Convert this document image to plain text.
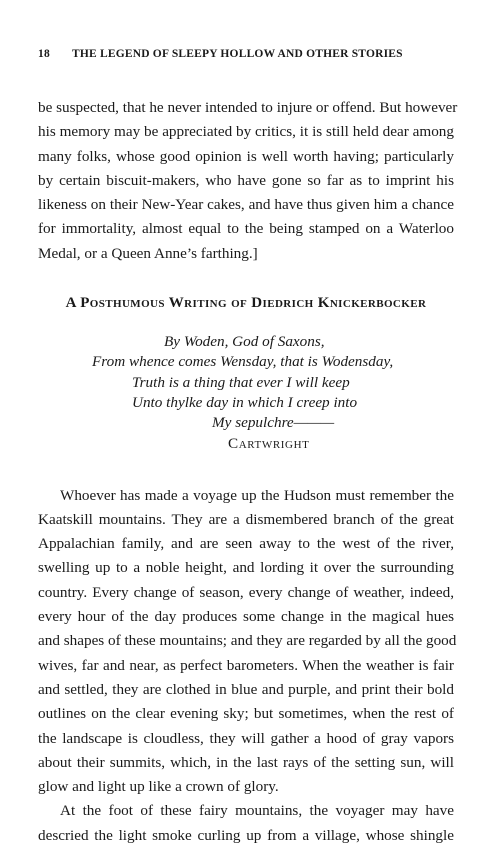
18 THE LEGEND OF SLEEPY HOLLOW AND OTHER STORIES

be suspected, that he never intended to injure or offend. But however
his memory may be appreciated by critics, it is still held dear among
many folks, whose good opinion is well worth having; particularly
by certain biscuit-makers, who have gone so far as to imprint his
likeness on their New-Year cakes, and have thus given him a chance
for immortality, almost equal to the being stamped on a Waterloo
Medal, or a Queen Anne’s farthing.]

A Posthumous Writing of Diedrich Knickerbocker
By Woden, God of Saxons,
From whence comes Wensday, that is Wodensday,
Truth is a thing that ever I will keep
Unto thylke day in which I creep into
My sepulchre———
Cartwright

Whoever has made a voyage up the Hudson must remember the
Kaatskill mountains. They are a dismembered branch of the great
Appalachian family, and are seen away to the west of the river,
swelling up to a noble height, and lording it over the surrounding
country. Every change of season, every change of weather, indeed,
every hour of the day produces some change in the magical hues
and shapes of these mountains; and they are regarded by all the good
wives, far and near, as perfect barometers. When the weather is fair
and settled, they are clothed in blue and purple, and print their bold
outlines on the clear evening sky; but sometimes, when the rest of
the landscape is cloudless, they will gather a hood of gray vapors
about their summits, which, in the last rays of the setting sun, will
glow and light up like a crown of glory.

At the foot of these fairy mountains, the voyager may have
descried the light smoke curling up from a village, whose shingle
